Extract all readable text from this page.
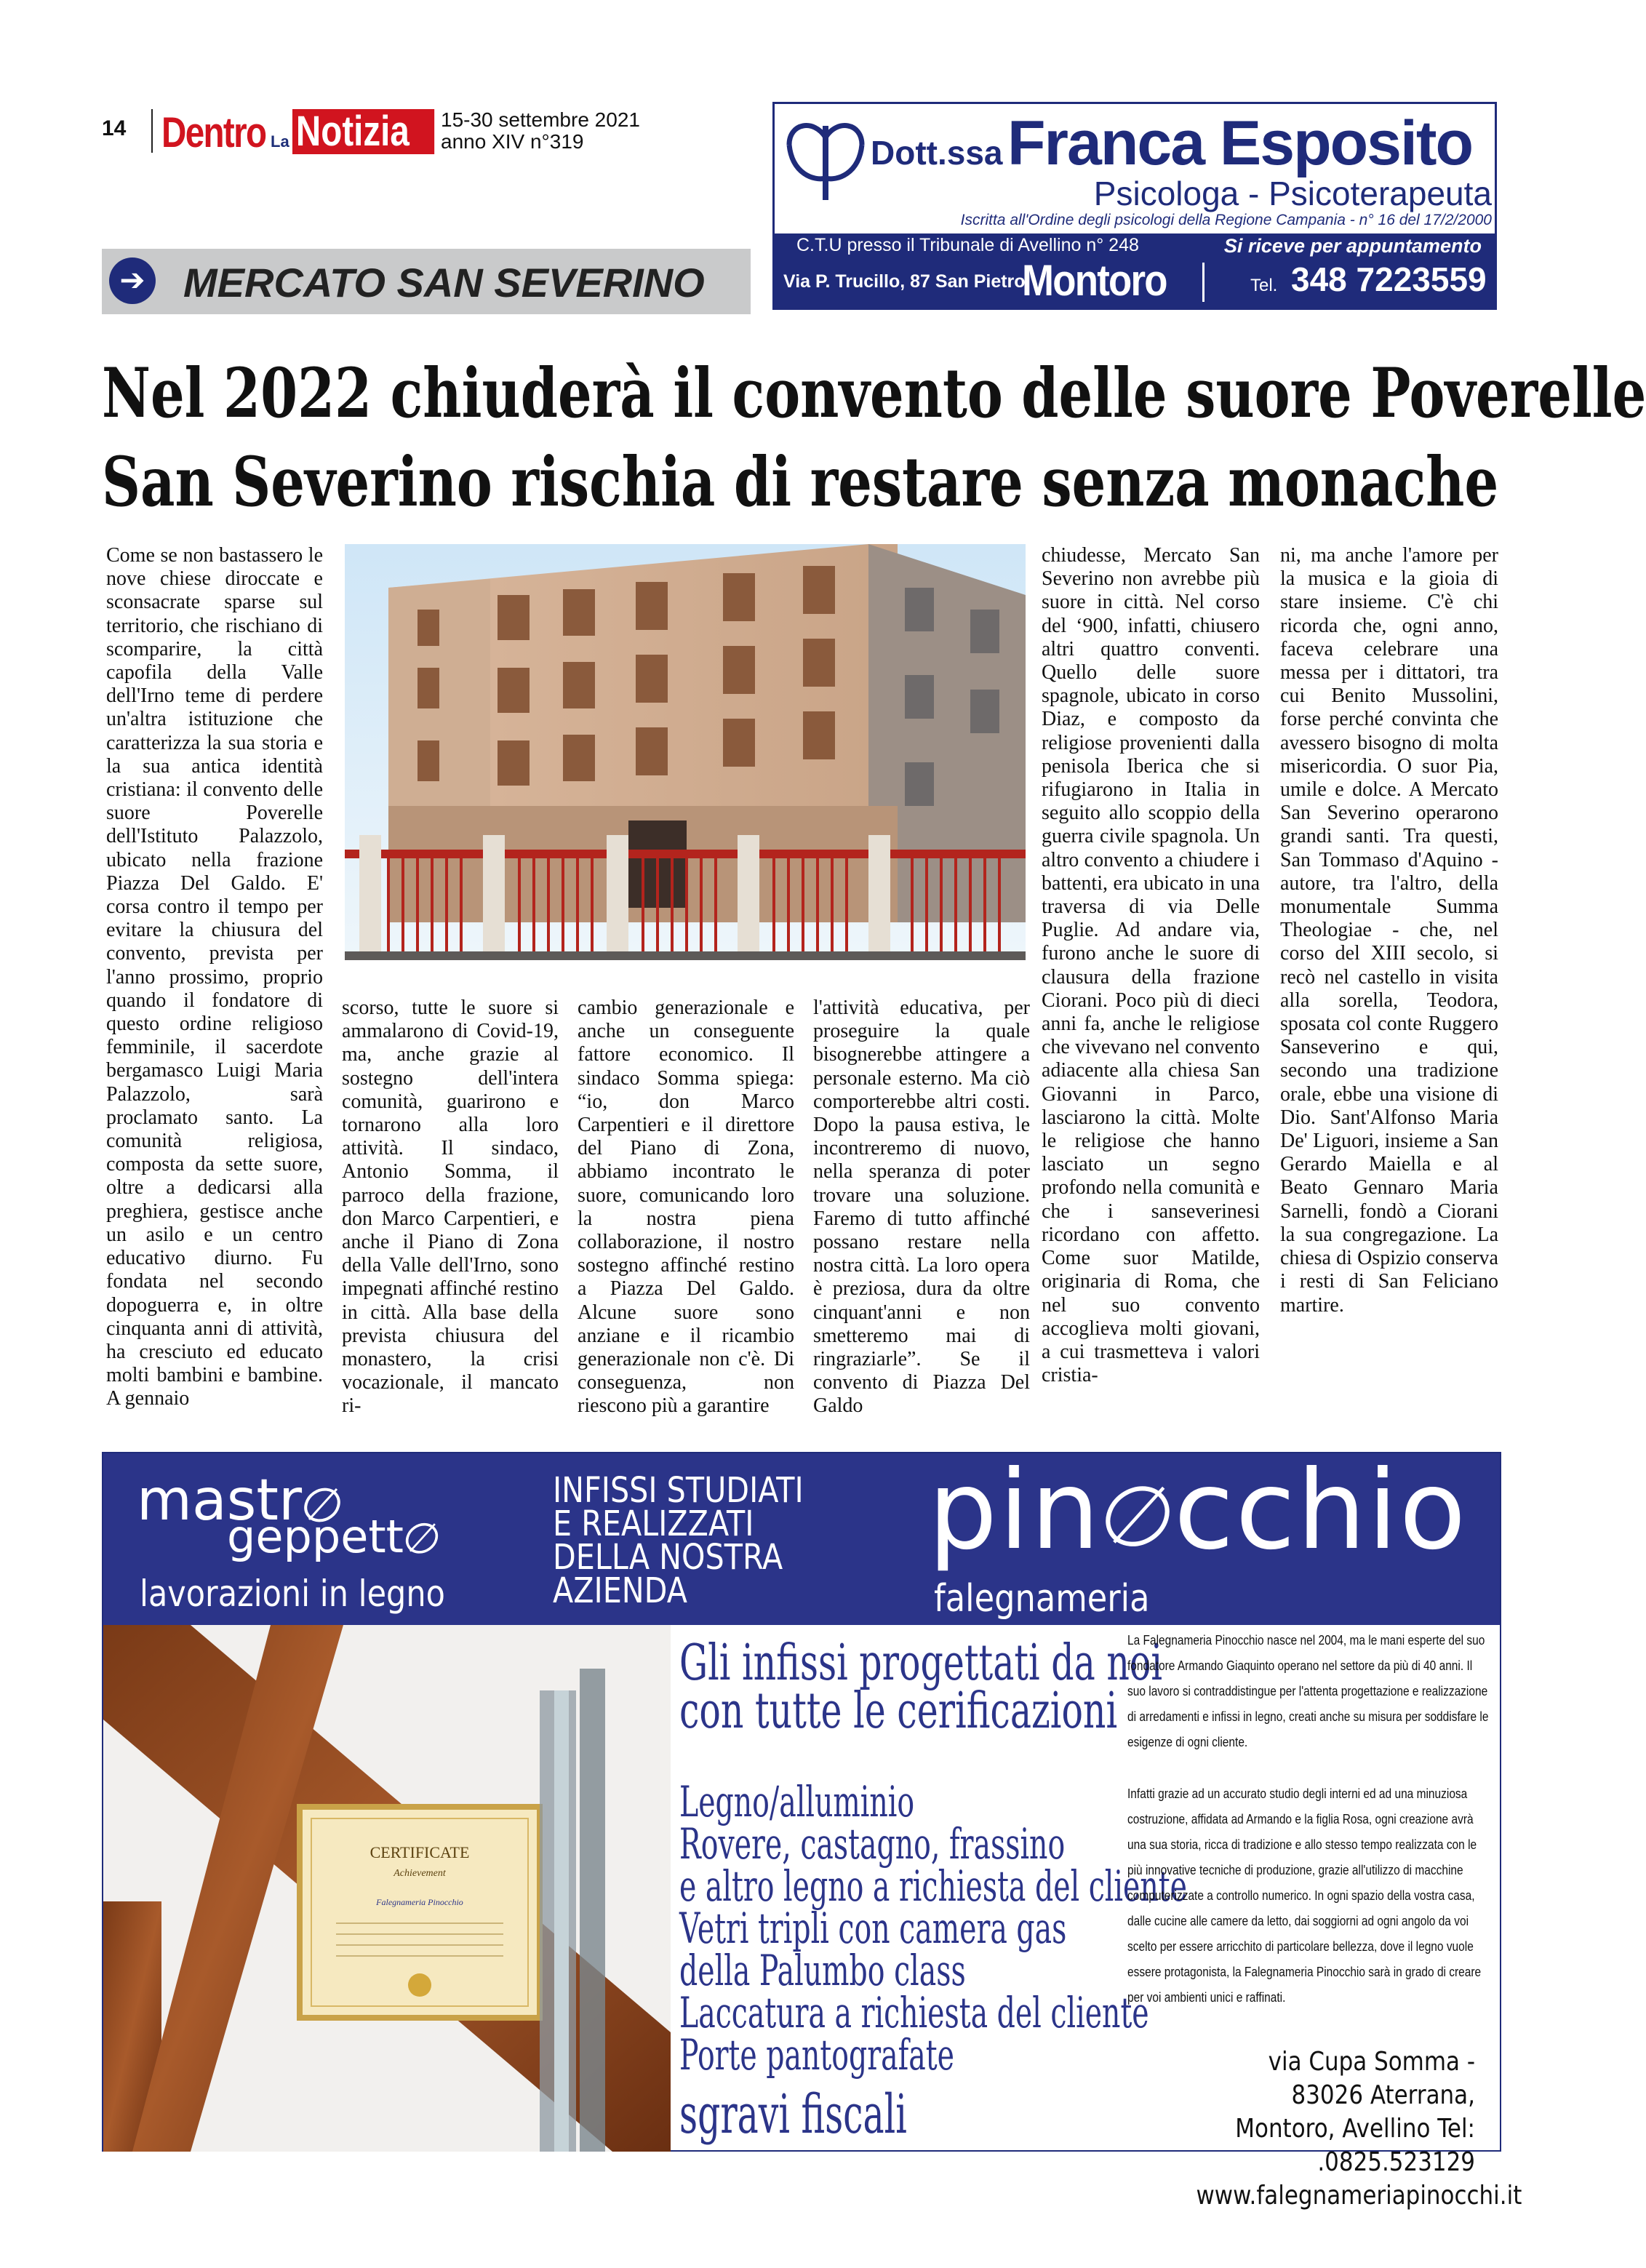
14 Dentro La Notizia	15-30 settembre 2021
anno XIV n°319	Dott.ssa Franca Esposito
Psicologa - Psicoterapeuta
Iscritta all'Ordine degli psicologi della Regione Campania - n° 16 del 17/2/2000
C.T.U presso il Tribunale di Avellino n° 248	Si riceve per appuntamento
Via P. Trucillo, 87 San Pietro
Montoro	Tel. 348 7223559
➔ MERCATO SAN SEVERINO
Nel 2022 chiuderà il convento delle suore Poverelle
San Severino rischia di restare senza monache

Come se non bastassero le nove chiese diroccate e sconsacrate sparse sul territorio, che rischiano di scomparire, la città capofila della Valle dell'Irno teme di perdere un'altra istituzione che caratterizza la sua storia e la sua antica identità cristiana: il convento delle suore Poverelle dell'Istituto Palazzolo, ubicato nella frazione Piazza Del Galdo. E' corsa contro il tempo per evitare la chiusura del convento, prevista per l'anno prossimo, proprio quando il fondatore di questo ordine religioso femminile, il sacerdote bergamasco Luigi Maria Palazzolo, sarà proclamato santo. La comunità religiosa, composta da sette suore, oltre a dedicarsi alla preghiera, gestisce anche un asilo e un centro educativo diurno. Fu fondata nel secondo dopoguerra e, in oltre cinquanta anni di attività, ha cresciuto ed educato molti bambini e bambine. A gennaio

scorso, tutte le suore si ammalarono di Covid-19, ma, anche grazie al sostegno dell'intera comunità, guarirono e tornarono alla loro attività. Il sindaco, Antonio Somma, il parroco della frazione, don Marco Carpentieri, e anche il Piano di Zona della Valle dell'Irno, sono impegnati affinché restino in città. Alla base della prevista chiusura del monastero, la crisi vocazionale, il mancato ri-

cambio generazionale e anche un conseguente fattore economico. Il sindaco Somma spiega: “io, don Marco Carpentieri e il direttore del Piano di Zona, abbiamo incontrato le suore, comunicando loro la nostra piena collaborazione, il nostro sostegno affinché restino a Piazza Del Galdo. Alcune suore sono anziane e il ricambio generazionale non c'è. Di conseguenza, non riescono più a garantire

l'attività educativa, per proseguire la quale bisognerebbe attingere a personale esterno. Ma ciò comporterebbe altri costi. Dopo la pausa estiva, le incontreremo di nuovo, nella speranza di poter trovare una soluzione. Faremo di tutto affinché possano restare nella nostra città. La loro opera è preziosa, dura da oltre cinquant'anni e non smetteremo mai di ringraziarle”. Se il convento di Piazza Del Galdo

chiudesse, Mercato San Severino non avrebbe più suore in città. Nel corso del ‘900, infatti, chiusero altri quattro conventi. Quello delle suore spagnole, ubicato in corso Diaz, e composto da religiose provenienti dalla penisola Iberica che si rifugiarono in Italia in seguito allo scoppio della guerra civile spagnola. Un altro convento a chiudere i battenti, era ubicato in una traversa di via Delle Puglie. Ad andare via, furono anche le suore di clausura della frazione Ciorani. Poco più di dieci anni fa, anche le religiose che vivevano nel convento adiacente alla chiesa San Giovanni in Parco, lasciarono la città. Molte le religiose che hanno lasciato un segno profondo nella comunità e che i sanseverinesi ricordano con affetto. Come suor Matilde, originaria di Roma, che nel suo convento accoglieva molti giovani, a cui trasmetteva i valori cristia-

ni, ma anche l'amore per la musica e la gioia di stare insieme. C'è chi ricorda che, ogni anno, faceva celebrare una messa per i dittatori, tra cui Benito Mussolini, forse perché convinta che avessero bisogno di molta misericordia. O suor Pia, umile e dolce. A Mercato San Severino operarono grandi santi. Tra questi, San Tommaso d'Aquino - autore, tra l'altro, della monumentale Summa Theologiae - che, nel corso del XIII secolo, si recò nel castello in visita alla sorella, Teodora, sposata col conte Ruggero Sanseverino e qui, secondo una tradizione orale, ebbe una visione di Dio. Sant'Alfonso Maria De' Liguori, insieme a San Gerardo Maiella e al Beato Gennaro Maria Sarnelli, fondò a Ciorani la sua congregazione. La chiesa di Ospizio conserva i resti di San Feliciano martire.

mastr
geppett
lavorazioni in legno
INFISSI STUDIATI
E REALIZZATI
DELLA NOSTRA
AZIENDA
pin cchio
falegnameria
CERTIFICATE
Achievement
Falegnameria Pinocchio
Gli infissi progettati da noi
con tutte le cerificazioni
Legno/alluminio
Rovere, castagno, frassino
e altro legno a richiesta del cliente
Vetri tripli con camera gas
della Palumbo class
Laccatura a richiesta del cliente
Porte pantografate
sgravi fiscali

La Falegnameria Pinocchio nasce nel 2004, ma le mani esperte del suo fondatore Armando Giaquinto operano nel settore da più di 40 anni. Il suo lavoro si contraddistingue per l'attenta progettazione e realizzazione di arredamenti e infissi in legno, creati anche su misura per soddisfare le esigenze di ogni cliente.

Infatti grazie ad un accurato studio degli interni ed ad una minuziosa costruzione, affidata ad Armando e la figlia Rosa, ogni creazione avrà una sua storia, ricca di tradizione e allo stesso tempo realizzata con le più innovative tecniche di produzione, grazie all'utilizzo di macchine computerizzate a controllo numerico. In ogni spazio della vostra casa, dalle cucine alle camere da letto, dai soggiorni ad ogni angolo da voi scelto per essere arricchito di particolare bellezza, dove il legno vuole essere protagonista, la Falegnameria Pinocchio sarà in grado di creare per voi ambienti unici e raffinati.

via Cupa Somma - 83026 Aterrana,
Montoro, Avellino Tel: .0825.523129
www.falegnameriapinocchi.it
